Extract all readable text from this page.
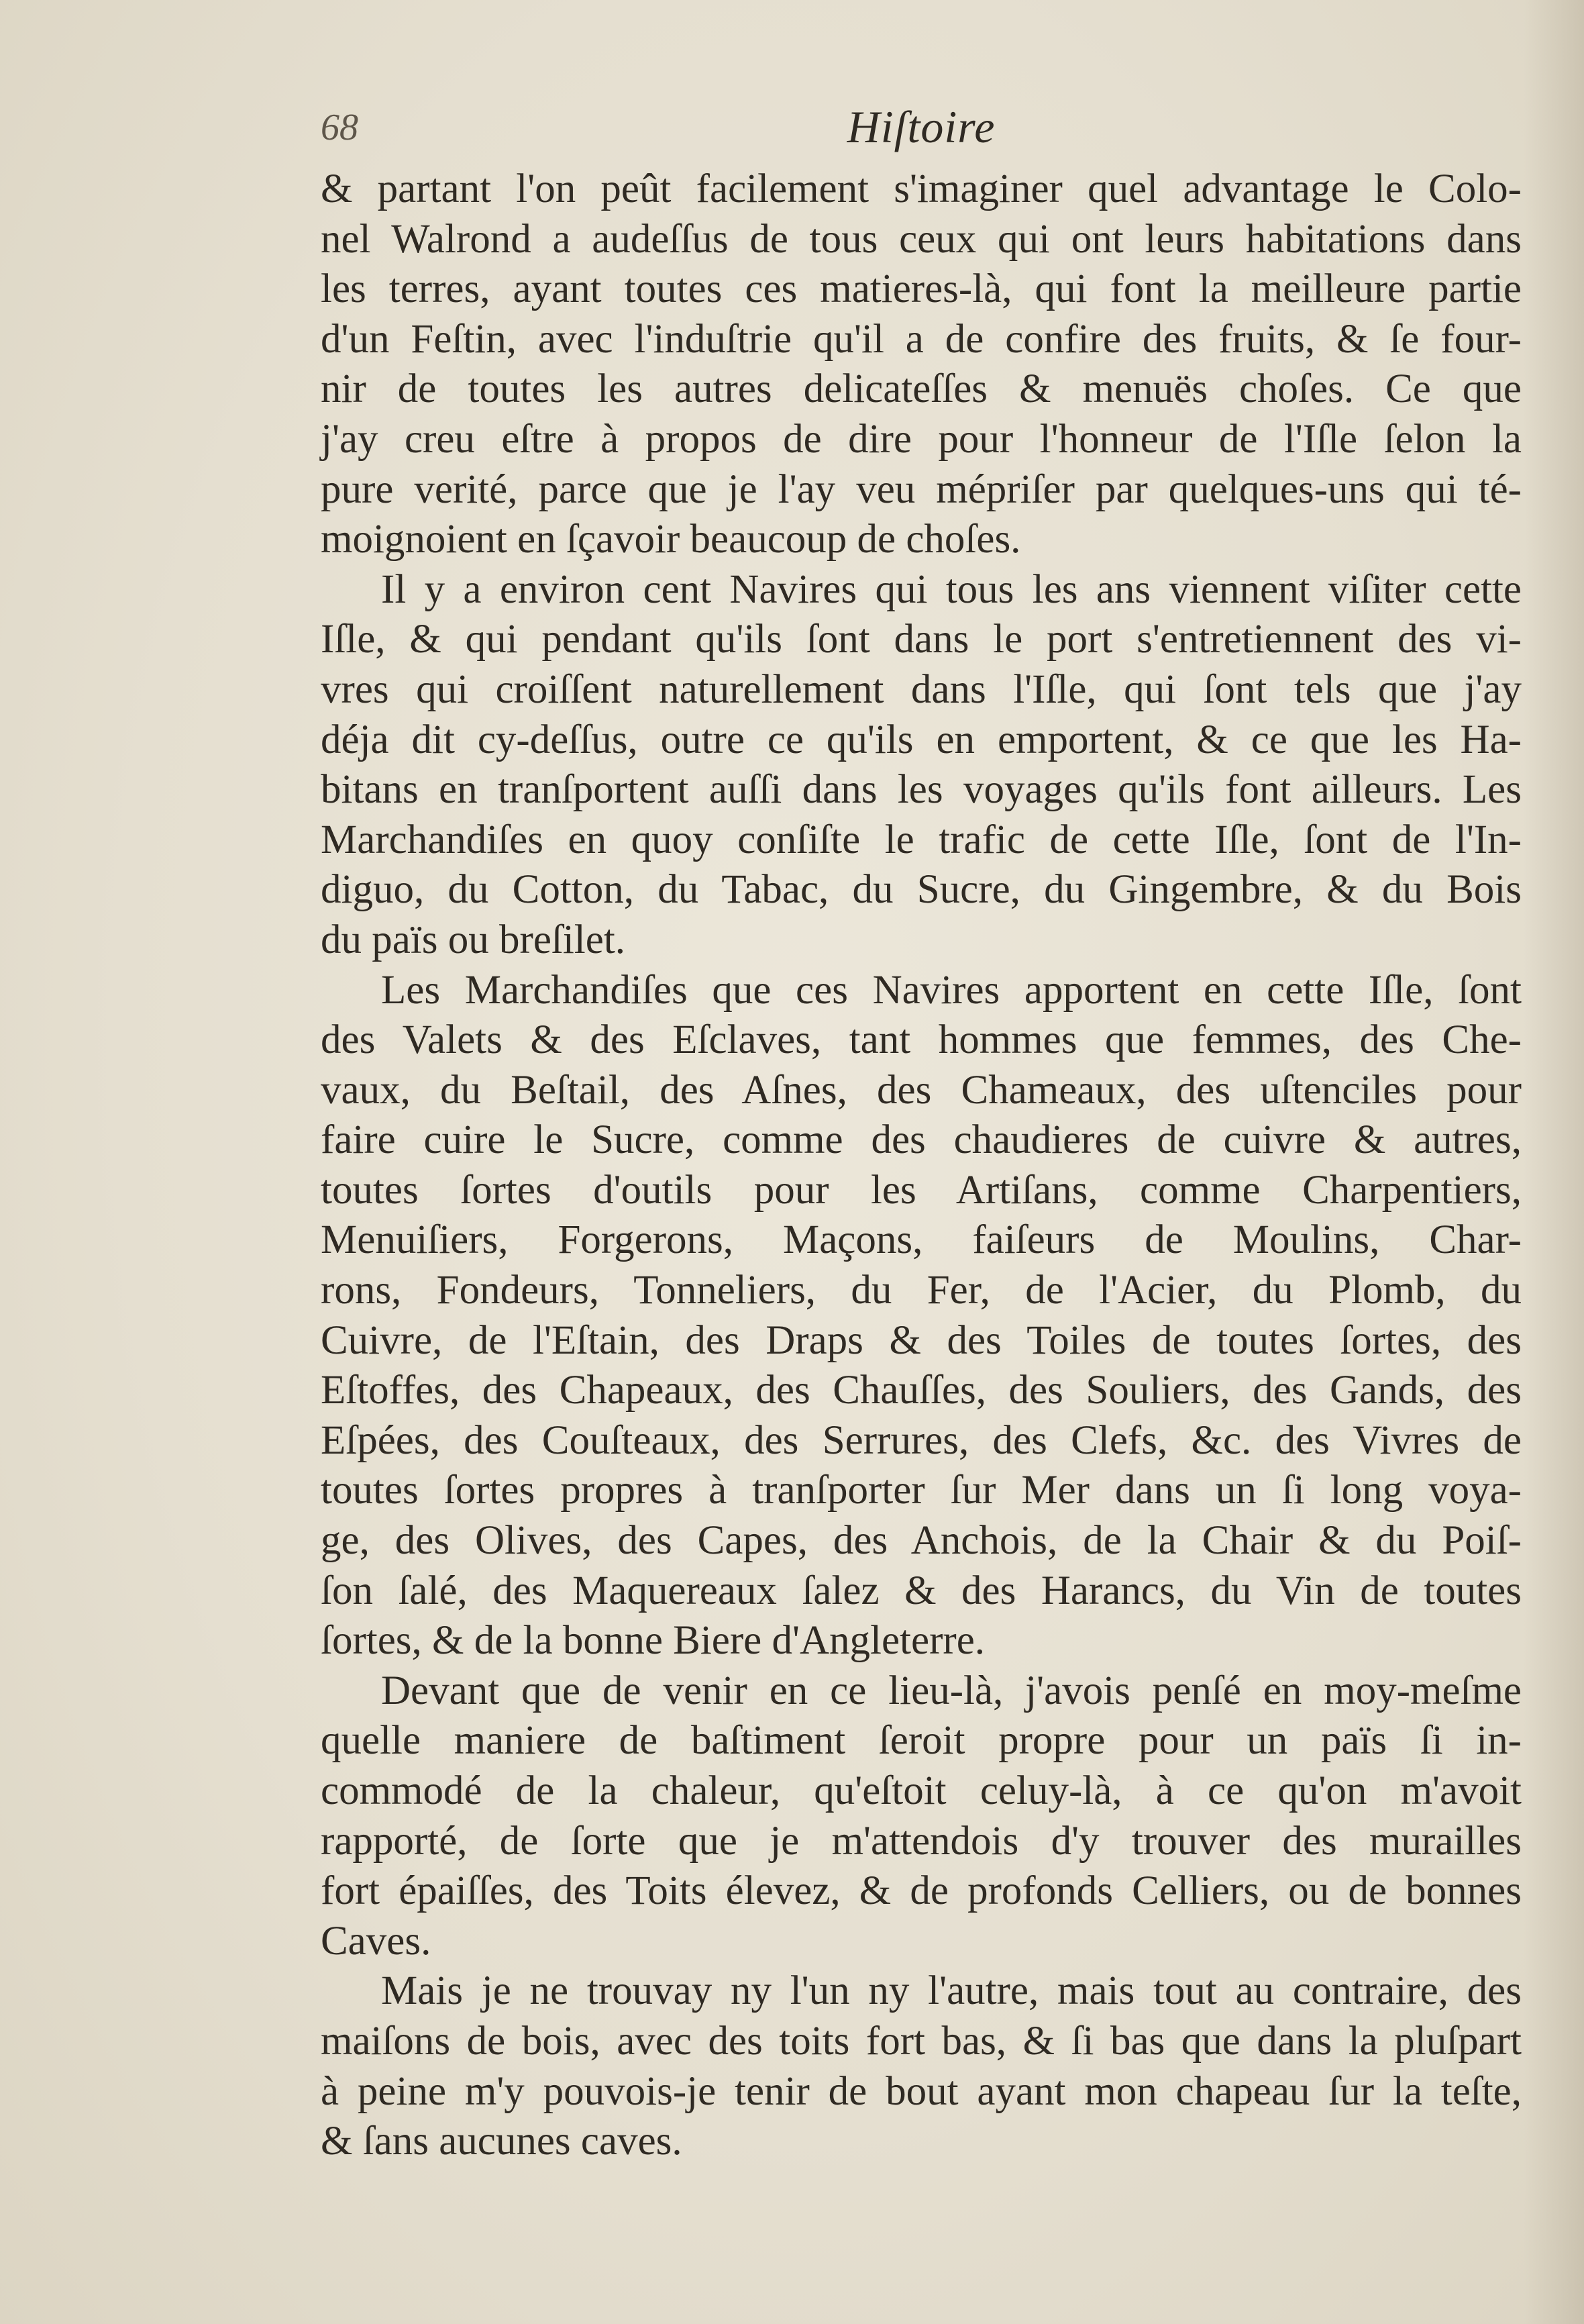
68	Hiſtoire
& partant l'on peût facilement s'imaginer quel advantage le Colo-
nel Walrond a audeſſus de tous ceux qui ont leurs habitations dans
les terres, ayant toutes ces matieres-là, qui font la meilleure partie
d'un Feſtin, avec l'induſtrie qu'il a de confire des fruits, & ſe four-
nir de toutes les autres delicateſſes & menuës choſes. Ce que
j'ay creu eſtre à propos de dire pour l'honneur de l'Iſle ſelon la
pure verité, parce que je l'ay veu mépriſer par quelques-uns qui té-
moignoient en ſçavoir beaucoup de choſes.
Il y a environ cent Navires qui tous les ans viennent viſiter cette
Iſle, & qui pendant qu'ils ſont dans le port s'entretiennent des vi-
vres qui croiſſent naturellement dans l'Iſle, qui ſont tels que j'ay
déja dit cy-deſſus, outre ce qu'ils en emportent, & ce que les Ha-
bitans en tranſportent auſſi dans les voyages qu'ils font ailleurs. Les
Marchandiſes en quoy conſiſte le trafic de cette Iſle, ſont de l'In-
diguo, du Cotton, du Tabac, du Sucre, du Gingembre, & du Bois
du païs ou breſilet.
Les Marchandiſes que ces Navires apportent en cette Iſle, ſont
des Valets & des Eſclaves, tant hommes que femmes, des Che-
vaux, du Beſtail, des Aſnes, des Chameaux, des uſtenciles pour
faire cuire le Sucre, comme des chaudieres de cuivre & autres,
toutes ſortes d'outils pour les Artiſans, comme Charpentiers,
Menuiſiers, Forgerons, Maçons, faiſeurs de Moulins, Char-
rons, Fondeurs, Tonneliers, du Fer, de l'Acier, du Plomb, du
Cuivre, de l'Eſtain, des Draps & des Toiles de toutes ſortes, des
Eſtoffes, des Chapeaux, des Chauſſes, des Souliers, des Gands, des
Eſpées, des Couſteaux, des Serrures, des Clefs, &c. des Vivres de
toutes ſortes propres à tranſporter ſur Mer dans un ſi long voya-
ge, des Olives, des Capes, des Anchois, de la Chair & du Poiſ-
ſon ſalé, des Maquereaux ſalez & des Harancs, du Vin de toutes
ſortes, & de la bonne Biere d'Angleterre.
Devant que de venir en ce lieu-là, j'avois penſé en moy-meſme
quelle maniere de baſtiment ſeroit propre pour un païs ſi in-
commodé de la chaleur, qu'eſtoit celuy-là, à ce qu'on m'avoit
rapporté, de ſorte que je m'attendois d'y trouver des murailles
fort épaiſſes, des Toits élevez, & de profonds Celliers, ou de bonnes
Caves.
Mais je ne trouvay ny l'un ny l'autre, mais tout au contraire, des
maiſons de bois, avec des toits fort bas, & ſi bas que dans la pluſpart
à peine m'y pouvois-je tenir de bout ayant mon chapeau ſur la teſte,
& ſans aucunes caves.
